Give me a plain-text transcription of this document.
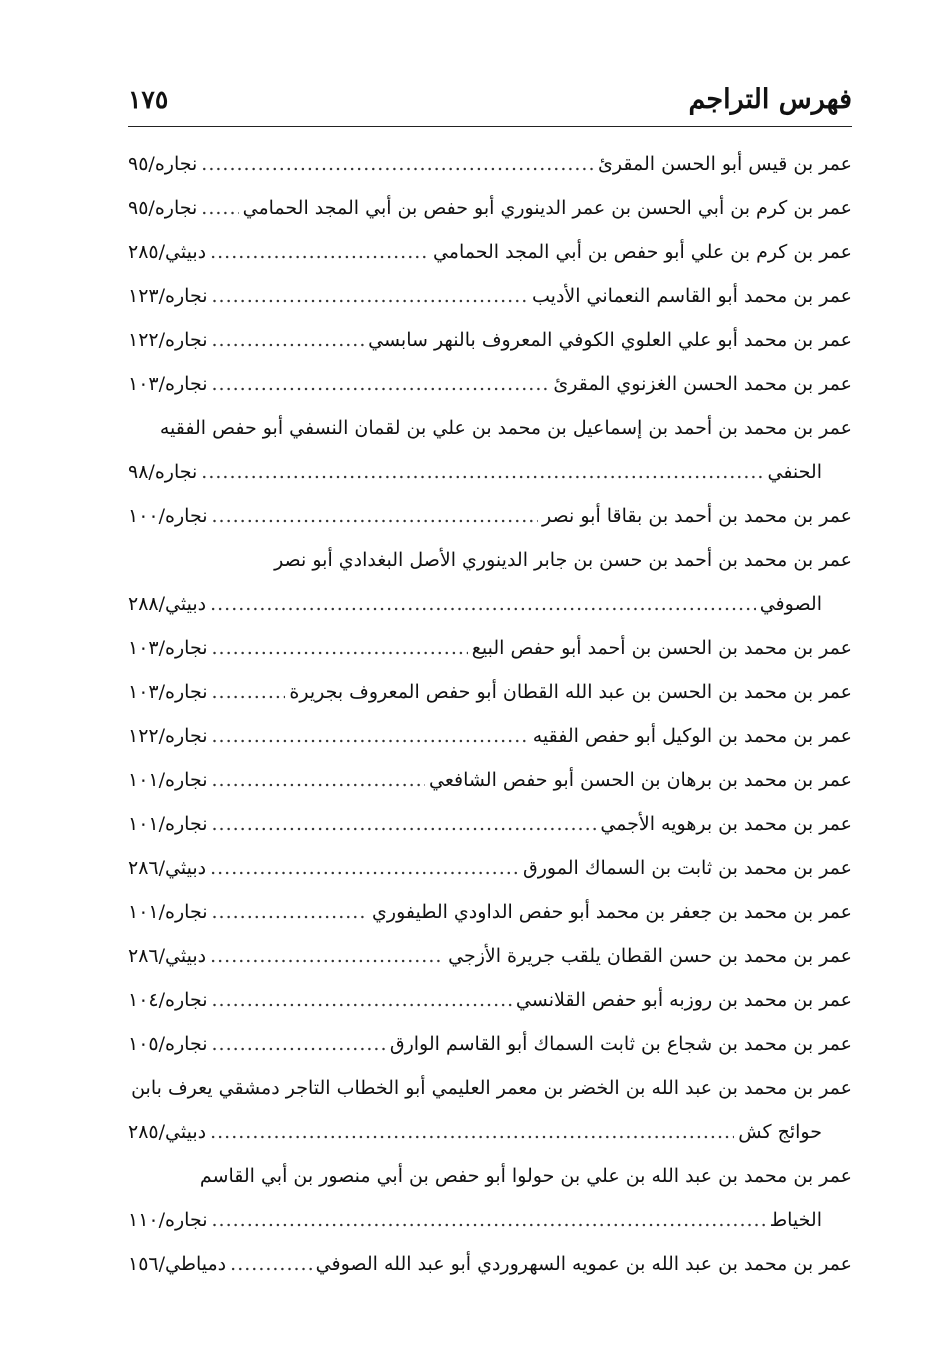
فهرس التراجم
١٧٥
عمر بن قيس أبو الحسن المقرئ
.....
نجاره/٩٥
عمر بن كرم بن أبي الحسن بن عمر الدينوري أبو حفص بن أبي المجد الحمامي
.....
نجاره/٩٥
عمر بن كرم بن علي أبو حفص بن أبي المجد الحمامي
.....
دبيثي/٢٨٥
عمر بن محمد أبو القاسم النعماني الأديب
.....
نجاره/١٢٣
عمر بن محمد أبو علي العلوي الكوفي المعروف بالنهر سابسي
.....
نجاره/١٢٢
عمر بن محمد الحسن الغزنوي المقرئ
.....
نجاره/١٠٣
عمر بن محمد بن أحمد بن إسماعيل بن محمد بن علي بن لقمان النسفي أبو حفص الفقيه
الحنفي
.....
نجاره/٩٨
عمر بن محمد بن أحمد بن بقاقا أبو نصر
.....
نجاره/١٠٠
عمر بن محمد بن أحمد بن حسن بن جابر الدينوري الأصل البغدادي أبو نصر
الصوفي
.....
دبيثي/٢٨٨
عمر بن محمد بن الحسن بن أحمد أبو حفص البيع
.....
نجاره/١٠٣
عمر بن محمد بن الحسن بن عبد الله القطان أبو حفص المعروف بجريرة
.....
نجاره/١٠٣
عمر بن محمد بن الوكيل أبو حفص الفقيه
.....
نجاره/١٢٢
عمر بن محمد بن برهان بن الحسن أبو حفص الشافعي
.....
نجاره/١٠١
عمر بن محمد بن برهويه الأجمي
.....
نجاره/١٠١
عمر بن محمد بن ثابت بن السماك المورق
.....
دبيثي/٢٨٦
عمر بن محمد بن جعفر بن محمد أبو حفص الداودي الطيفوري
.....
نجاره/١٠١
عمر بن محمد بن حسن القطان يلقب جريرة الأزجي
.....
دبيثي/٢٨٦
عمر بن محمد بن روزبه أبو حفص القلانسي
.....
نجاره/١٠٤
عمر بن محمد بن شجاع بن ثابت السماك أبو القاسم الوارق
.....
نجاره/١٠٥
عمر بن محمد بن عبد الله بن الخضر بن معمر العليمي أبو الخطاب التاجر دمشقي يعرف بابن
حوائج كش
.....
دبيثي/٢٨٥
عمر بن محمد بن عبد الله بن علي بن حولوا أبو حفص بن أبي منصور بن أبي القاسم
الخياط
.....
نجاره/١١٠
عمر بن محمد بن عبد الله بن عمويه السهروردي أبو عبد الله الصوفي
.....
دمياطي/١٥٦
